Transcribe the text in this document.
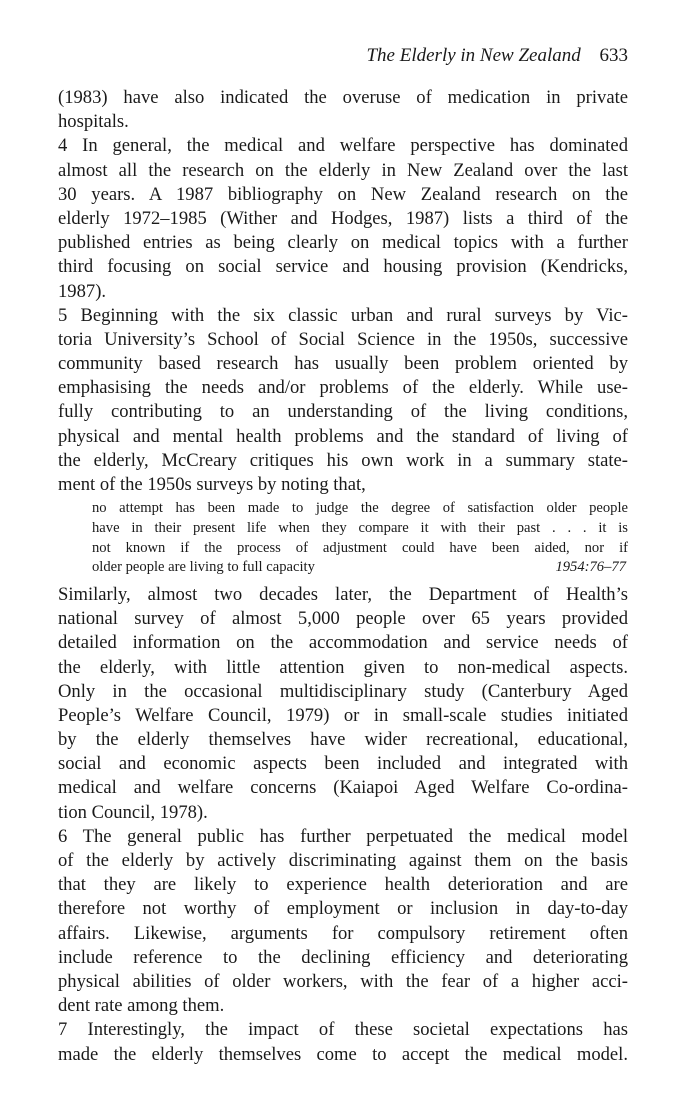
The Elderly in New Zealand 633
(1983) have also indicated the overuse of medication in private
hospitals.
4 In general, the medical and welfare perspective has dominated
almost all the research on the elderly in New Zealand over the last
30 years. A 1987 bibliography on New Zealand research on the
elderly 1972–1985 (Wither and Hodges, 1987) lists a third of the
published entries as being clearly on medical topics with a further
third focusing on social service and housing provision (Kendricks,
1987).
5 Beginning with the six classic urban and rural surveys by Vic-
toria University’s School of Social Science in the 1950s, successive
community based research has usually been problem oriented by
emphasising the needs and/or problems of the elderly. While use-
fully contributing to an understanding of the living conditions,
physical and mental health problems and the standard of living of
the elderly, McCreary critiques his own work in a summary state-
ment of the 1950s surveys by noting that,
no attempt has been made to judge the degree of satisfaction older people
have in their present life when they compare it with their past . . . it is
not known if the process of adjustment could have been aided, nor if
older people are living to full capacity	1954:76–77
Similarly, almost two decades later, the Department of Health’s
national survey of almost 5,000 people over 65 years provided
detailed information on the accommodation and service needs of
the elderly, with little attention given to non-medical aspects.
Only in the occasional multidisciplinary study (Canterbury Aged
People’s Welfare Council, 1979) or in small-scale studies initiated
by the elderly themselves have wider recreational, educational,
social and economic aspects been included and integrated with
medical and welfare concerns (Kaiapoi Aged Welfare Co-ordina-
tion Council, 1978).
6 The general public has further perpetuated the medical model
of the elderly by actively discriminating against them on the basis
that they are likely to experience health deterioration and are
therefore not worthy of employment or inclusion in day-to-day
affairs. Likewise, arguments for compulsory retirement often
include reference to the declining efficiency and deteriorating
physical abilities of older workers, with the fear of a higher acci-
dent rate among them.
7 Interestingly, the impact of these societal expectations has
made the elderly themselves come to accept the medical model.
